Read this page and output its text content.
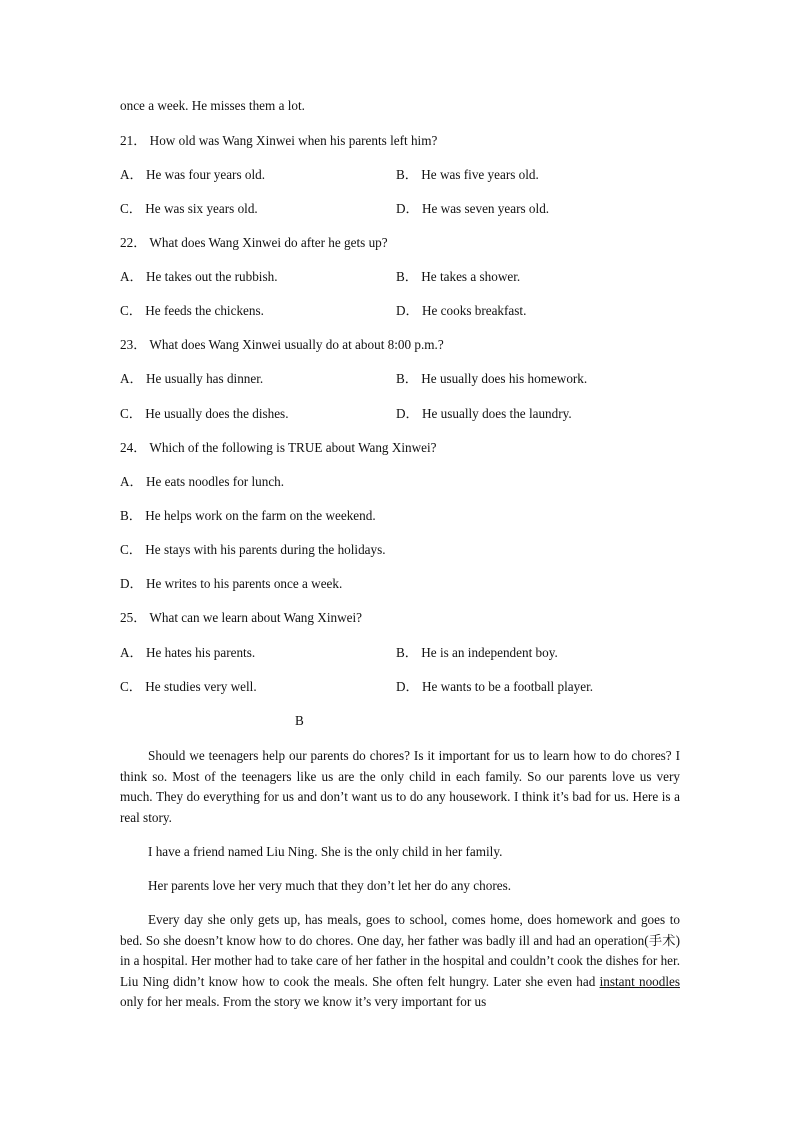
once a week. He misses them a lot.
21． How old was Wang Xinwei when his parents left him?
A． He was four years old.	B． He was five years old.
C． He was six years old.	D． He was seven years old.
22． What does Wang Xinwei do after he gets up?
A． He takes out the rubbish.	B． He takes a shower.
C． He feeds the chickens.	D． He cooks breakfast.
23． What does Wang Xinwei usually do at about 8:00 p.m.?
A． He usually has dinner.	B． He usually does his homework.
C． He usually does the dishes.	D． He usually does the laundry.
24． Which of the following is TRUE about Wang Xinwei?
A． He eats noodles for lunch.
B． He helps work on the farm on the weekend.
C． He stays with his parents during the holidays.
D． He writes to his parents once a week.
25． What can we learn about Wang Xinwei?
A． He hates his parents.	B． He is an independent boy.
C． He studies very well.	D． He wants to be a football player.
B
Should we teenagers help our parents do chores? Is it important for us to learn how to do chores? I think so. Most of the teenagers like us are the only child in each family. So our parents love us very much. They do everything for us and don’t want us to do any housework. I think it’s bad for us. Here is a real story.
I have a friend named Liu Ning. She is the only child in her family.
Her parents love her very much that they don’t let her do any chores.
Every day she only gets up, has meals, goes to school, comes home, does homework and goes to bed. So she doesn’t know how to do chores. One day, her father was badly ill and had an operation(手术) in a hospital. Her mother had to take care of her father in the hospital and couldn’t cook the dishes for her. Liu Ning didn’t know how to cook the meals. She often felt hungry. Later she even had instant noodles only for her meals. From the story we know it’s very important for us
